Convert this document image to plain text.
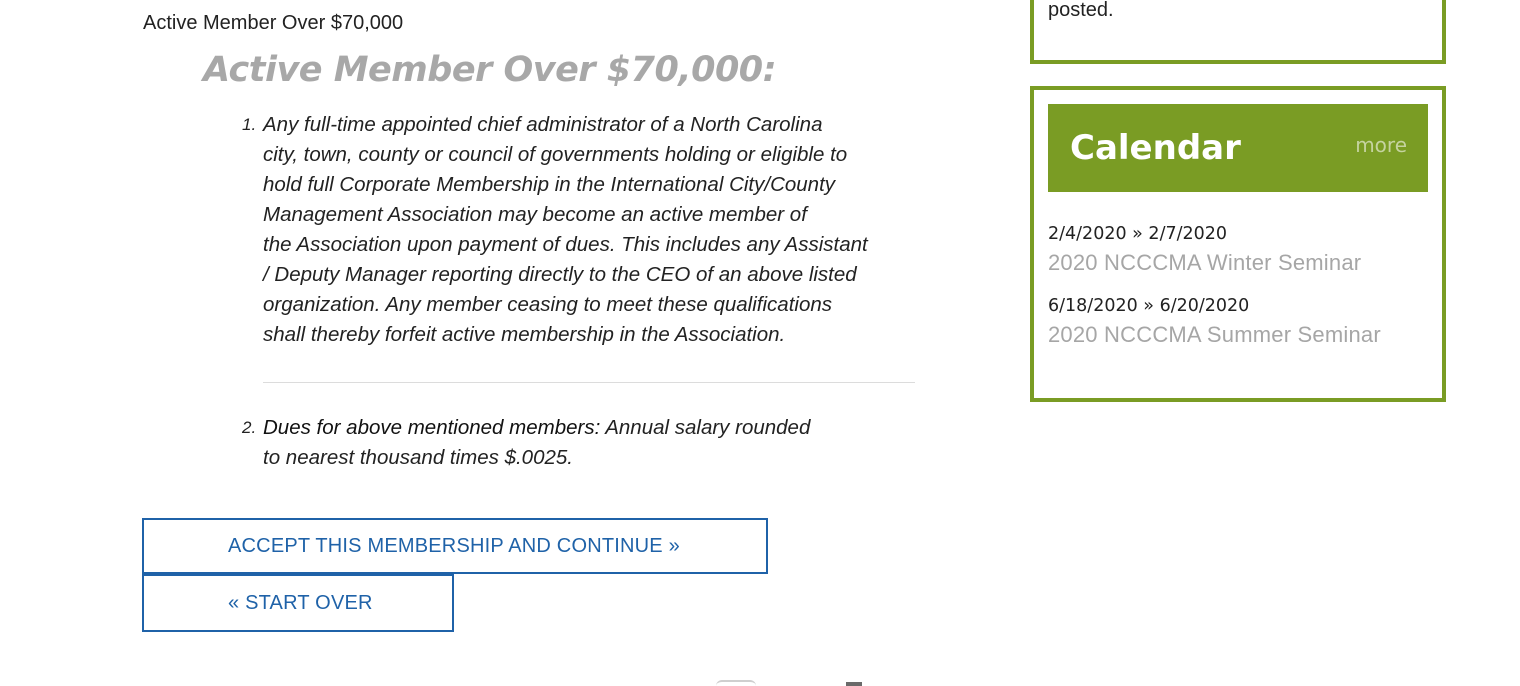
Active Member Over $70,000
Active Member Over $70,000:
1. Any full-time appointed chief administrator of a North Carolina
city, town, county or council of governments holding or eligible to
hold full Corporate Membership in the International City/County
Management Association may become an active member of
the Association upon payment of dues. This includes any Assistant
/ Deputy Manager reporting directly to the CEO of an above listed
organization. Any member ceasing to meet these qualifications
shall thereby forfeit active membership in the Association.

2. Dues for above mentioned members: Annual salary rounded
to nearest thousand times $.0025.

ACCEPT THIS MEMBERSHIP AND CONTINUE »
« START OVER
posted.
Calendar	more
2/4/2020 » 2/7/2020
2020 NCCCMA Winter Seminar
6/18/2020 » 6/20/2020
2020 NCCCMA Summer Seminar
